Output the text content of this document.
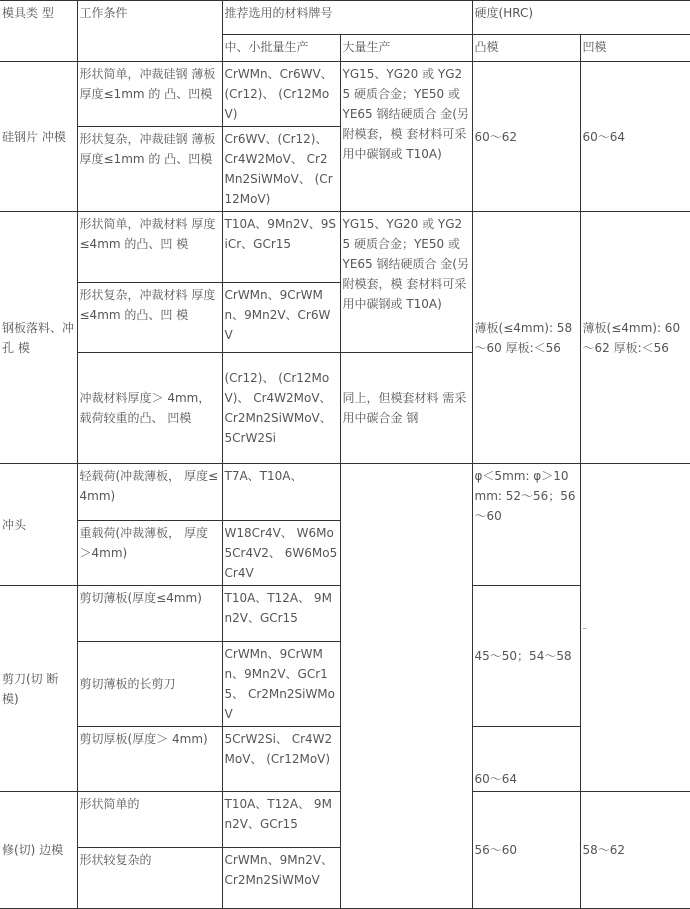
模具类 型	工作条件	推荐选用的材料牌号		硬度(HRC)	
		中、小批量生产	大量生产	凸模	凹模
硅钢片 冲模	形状简单，冲裁硅钢 薄板厚度≤1mm 的 凸、凹模	CrWMn、Cr6WV、(Cr12)、 (Cr12MoV)	YG15、YG20 或 YG25 硬质合金；YE50 或 YE65 钢结硬质合 金(另附模套，模 套材料可采用中碳钢或 T10A)	60～62	60～64
	形状复杂，冲裁硅钢 薄板厚度≤1mm 的 凸、凹模	Cr6WV、(Cr12)、 Cr4W2MoV、 Cr2Mn2SiWMoV、 (Cr12MoV)			
钢板落料、冲孔 模	形状简单，冲裁材料 厚度≤4mm 的凸、凹 模	T10A、9Mn2V、9SiCr、GCr15	YG15、YG20 或 YG25 硬质合金；YE50 或 YE65 钢结硬质合 金(另附模套，模 套材料可采用中碳钢或 T10A)	薄板(≤4mm): 58～60 厚板:＜56	薄板(≤4mm): 60～62 厚板:＜56
	形状复杂，冲裁材料 厚度≤4mm 的凸、凹 模	CrWMn、9CrWMn、9Mn2V、Cr6WV			
	冲裁材料厚度＞ 4mm，载荷较重的凸、 凹模	(Cr12)、 (Cr12MoV)、 Cr4W2MoV、 Cr2Mn2SiWMoV、 5CrW2Si	同上，但模套材料 需采用中碳合金 钢		
冲头	轻载荷(冲裁薄板， 厚度≤4mm)	T7A、T10A、		φ＜5mm: φ＞10mm: 52～56；56～60	-
	重载荷(冲裁薄板， 厚度＞4mm)	W18Cr4V、 W6Mo5Cr4V2、 6W6Mo5Cr4V			
剪刀(切 断模)	剪切薄板(厚度≤4mm)	T10A、T12A、 9Mn2V、GCr15		45～50；54～58	
	剪切薄板的长剪刀	CrWMn、9CrWMn、9Mn2V、GCr15、 Cr2Mn2SiWMoV			
	剪切厚板(厚度＞ 4mm)	5CrW2Si、 Cr4W2MoV、 (Cr12MoV)		60～64	
修(切) 边模	形状简单的	T10A、T12A、 9Mn2V、GCr15		56～60	58～62
	形状较复杂的	CrWMn、9Mn2V、 Cr2Mn2SiWMoV			
